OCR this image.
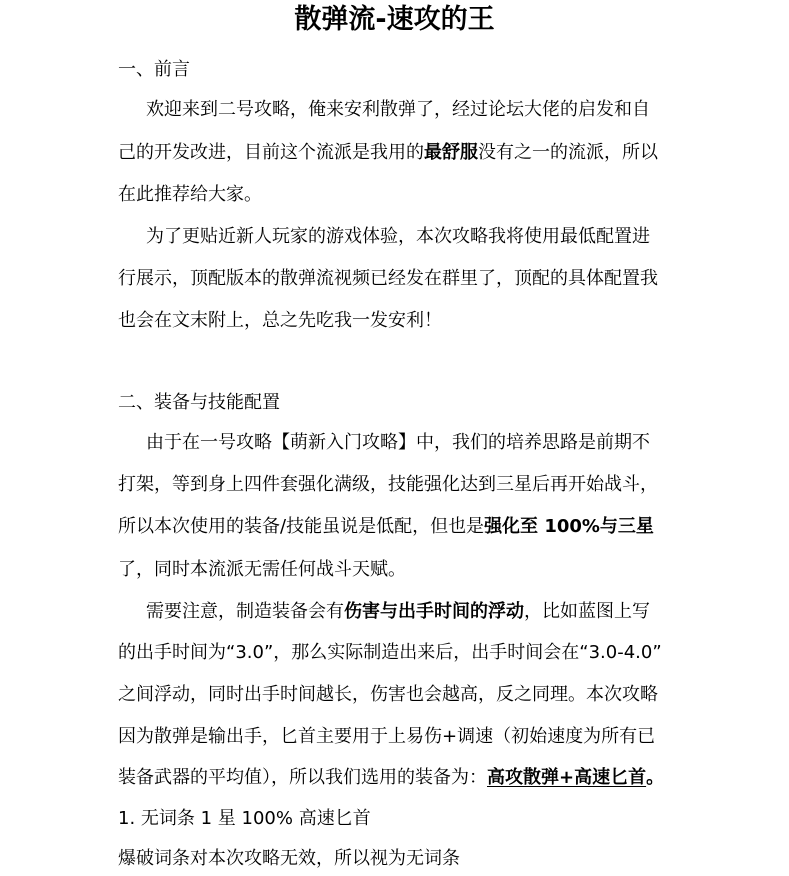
散弹流-速攻的王

一、前言

欢迎来到二号攻略，俺来安利散弹了，经过论坛大佬的启发和自

己的开发改进，目前这个流派是我用的最舒服没有之一的流派，所以

在此推荐给大家。

为了更贴近新人玩家的游戏体验，本次攻略我将使用最低配置进

行展示，顶配版本的散弹流视频已经发在群里了，顶配的具体配置我

也会在文末附上，总之先吃我一发安利！

二、装备与技能配置

由于在一号攻略【萌新入门攻略】中，我们的培养思路是前期不

打架，等到身上四件套强化满级，技能强化达到三星后再开始战斗，

所以本次使用的装备/技能虽说是低配，但也是强化至 100%与三星

了，同时本流派无需任何战斗天赋。

需要注意，制造装备会有伤害与出手时间的浮动，比如蓝图上写

的出手时间为“3.0”，那么实际制造出来后，出手时间会在“3.0-4.0”

之间浮动，同时出手时间越长，伤害也会越高，反之同理。本次攻略

因为散弹是输出手，匕首主要用于上易伤+调速（初始速度为所有已

装备武器的平均值），所以我们选用的装备为：高攻散弹+高速匕首。

1. 无词条 1 星 100% 高速匕首

爆破词条对本次攻略无效，所以视为无词条
